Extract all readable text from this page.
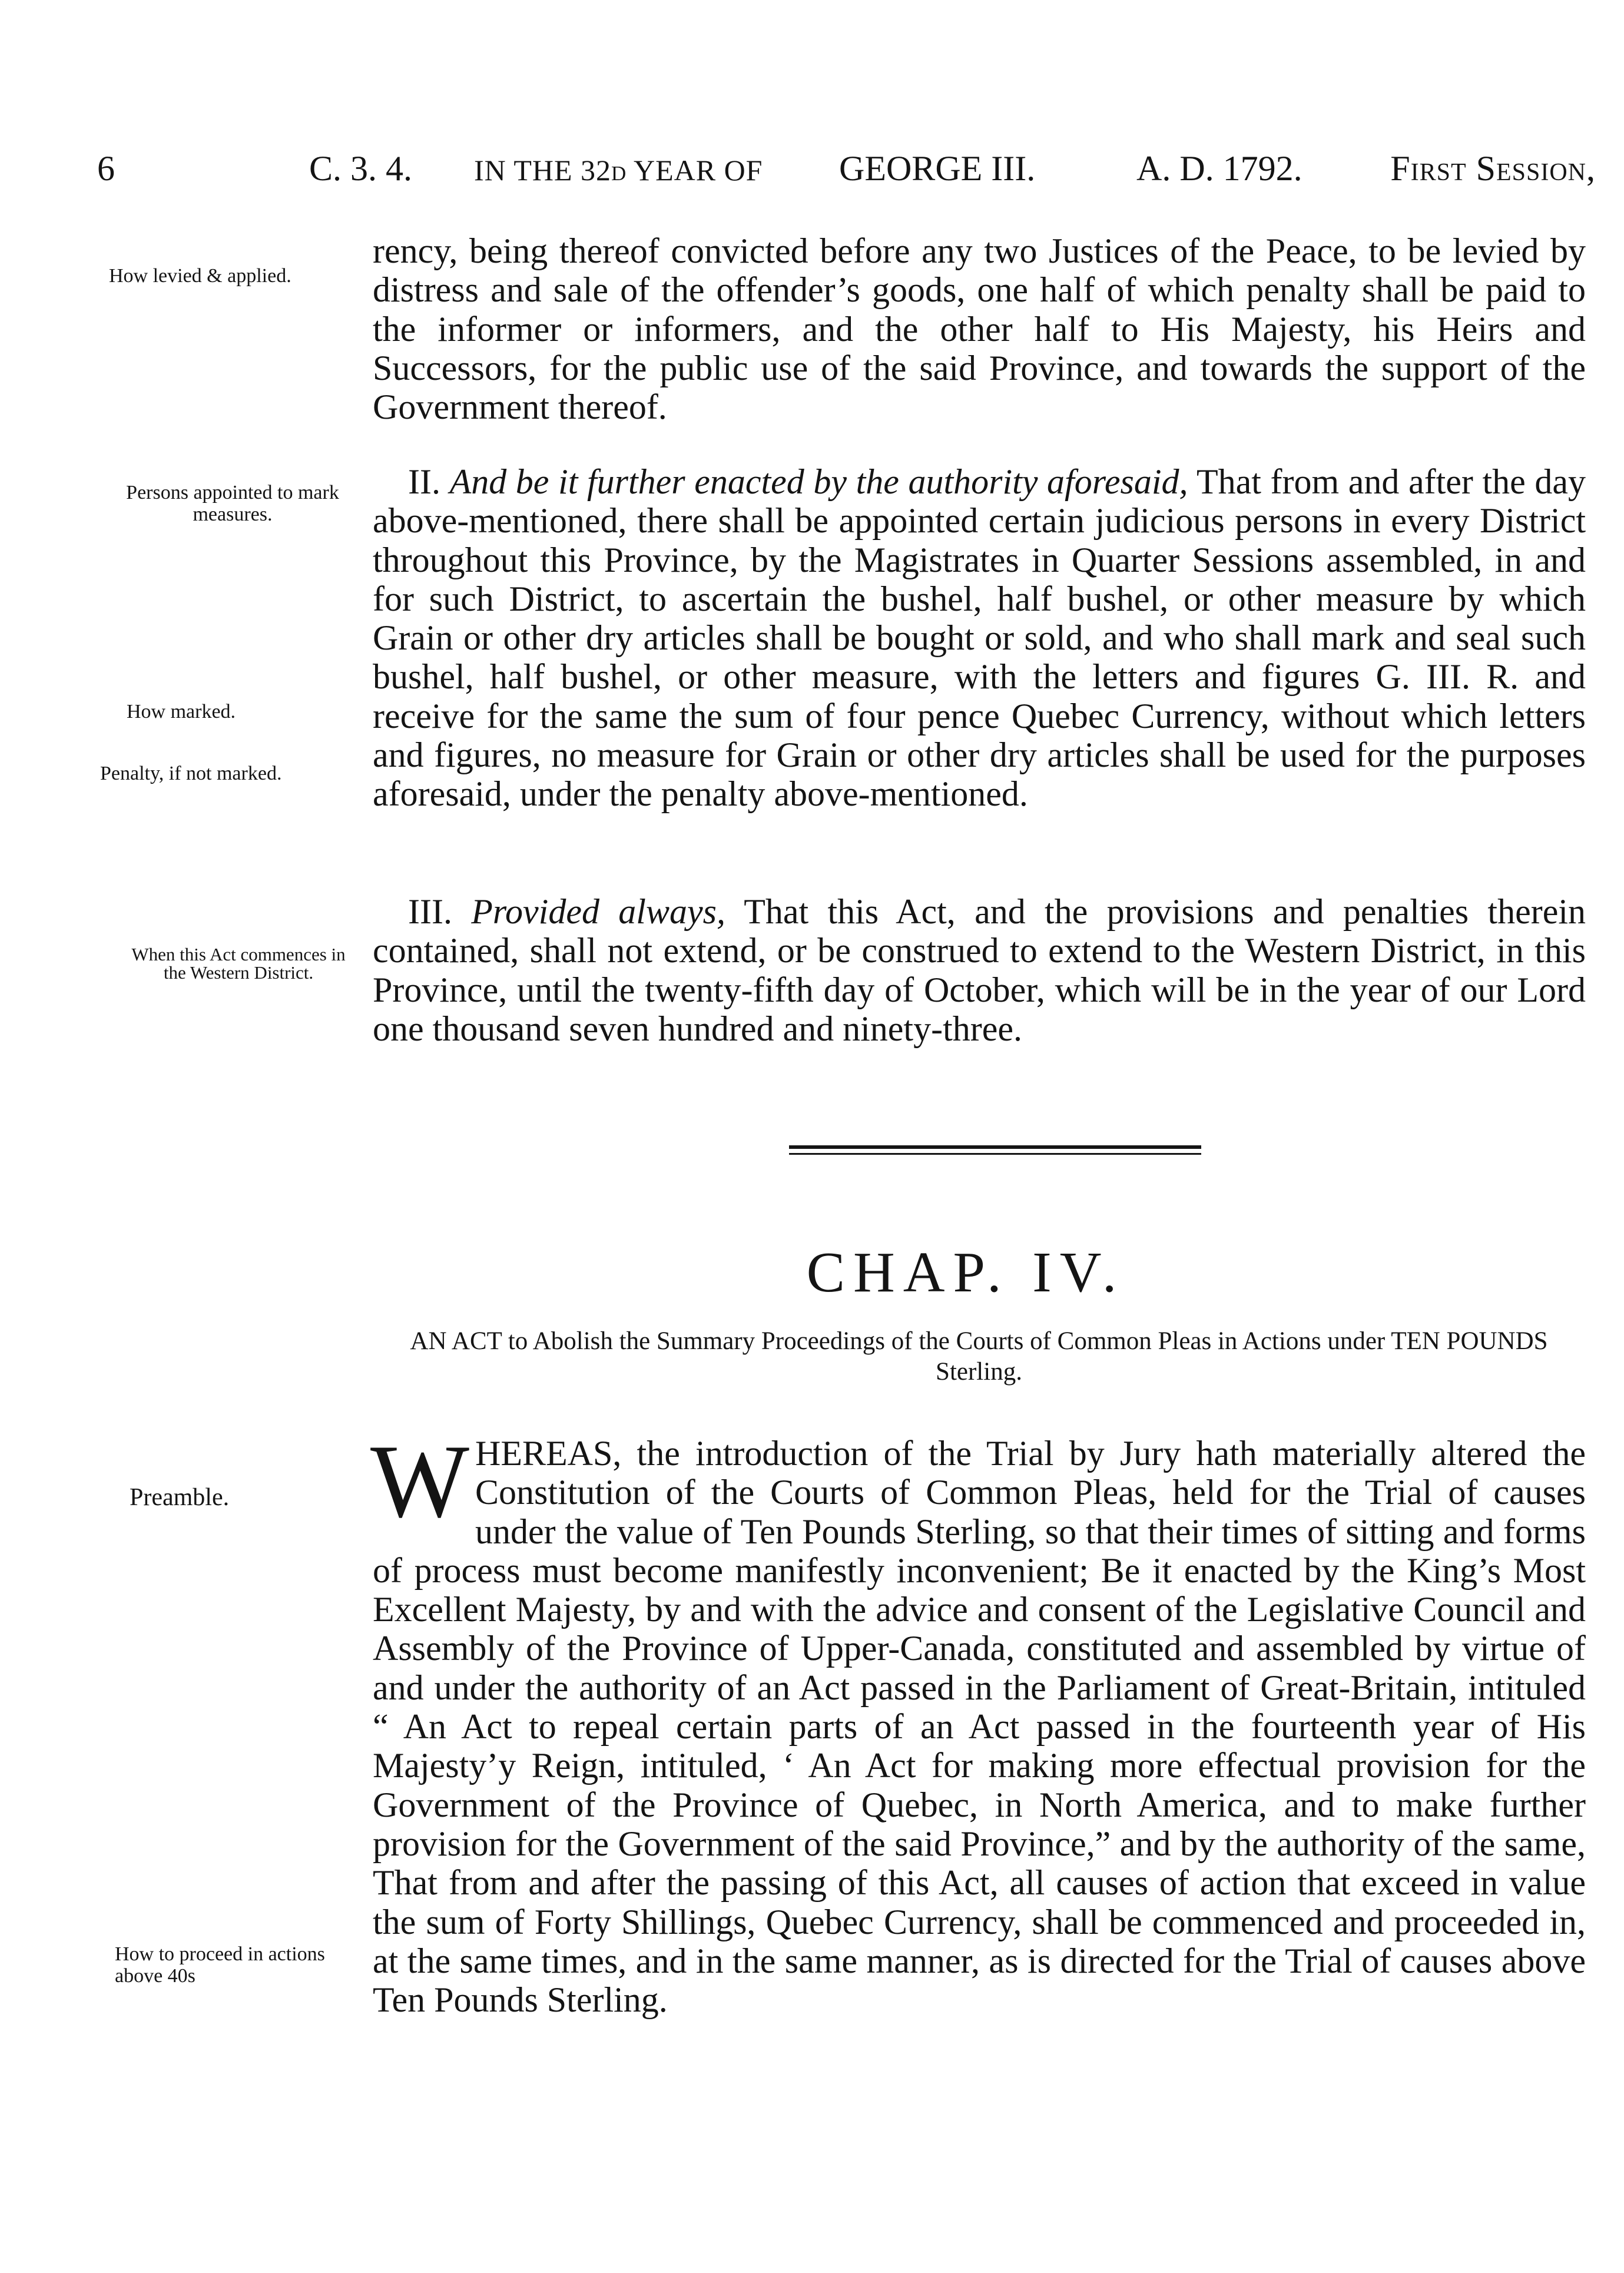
6	C. 3. 4. IN THE 32d YEAR OF GEORGE III.	A. D. 1792. First Session,
How levied & applied.
Persons appointed to mark measures.
How marked.
Penalty, if not marked.
When this Act commences in the Western District.
Preamble.
How to proceed in actions above 40s

rency, being thereof convicted before any two Justices of the Peace, to be levied by distress and sale of the offender’s goods, one half of which penalty shall be paid to the informer or informers, and the other half to His Majesty, his Heirs and Successors, for the public use of the said Province, and towards the support of the Government thereof.

II. And be it further enacted by the authority aforesaid, That from and after the day above-mentioned, there shall be appointed certain judicious persons in every District throughout this Province, by the Magistrates in Quarter Sessions assembled, in and for such District, to ascertain the bushel, half bushel, or other measure by which Grain or other dry articles shall be bought or sold, and who shall mark and seal such bushel, half bushel, or other measure, with the letters and figures G. III. R. and receive for the same the sum of four pence Quebec Currency, without which letters and figures, no measure for Grain or other dry articles shall be used for the purposes aforesaid, under the penalty above-mentioned.

III. Provided always, That this Act, and the provisions and penalties therein contained, shall not extend, or be construed to extend to the Western District, in this Province, until the twenty-fifth day of October, which will be in the year of our Lord one thousand seven hundred and ninety-three.

CHAP. IV.
AN ACT to Abolish the Summary Proceedings of the Courts of Common Pleas in Actions under TEN POUNDS Sterling.

WHEREAS, the introduction of the Trial by Jury hath materially altered the Constitution of the Courts of Common Pleas, held for the Trial of causes under the value of Ten Pounds Sterling, so that their times of sitting and forms of process must become manifestly inconvenient; Be it enacted by the King’s Most Excellent Majesty, by and with the advice and consent of the Legislative Council and Assembly of the Province of Upper-Canada, constituted and assembled by virtue of and under the authority of an Act passed in the Parliament of Great-Britain, intituled “ An Act to repeal certain parts of an Act passed in the fourteenth year of His Majesty’y Reign, intituled, ‘ An Act for making more effectual provision for the Government of the Province of Quebec, in North America, and to make further provision for the Government of the said Province,” and by the authority of the same, That from and after the passing of this Act, all causes of action that exceed in value the sum of Forty Shillings, Quebec Currency, shall be commenced and proceeded in, at the same times, and in the same manner, as is directed for the Trial of causes above Ten Pounds Sterling.
